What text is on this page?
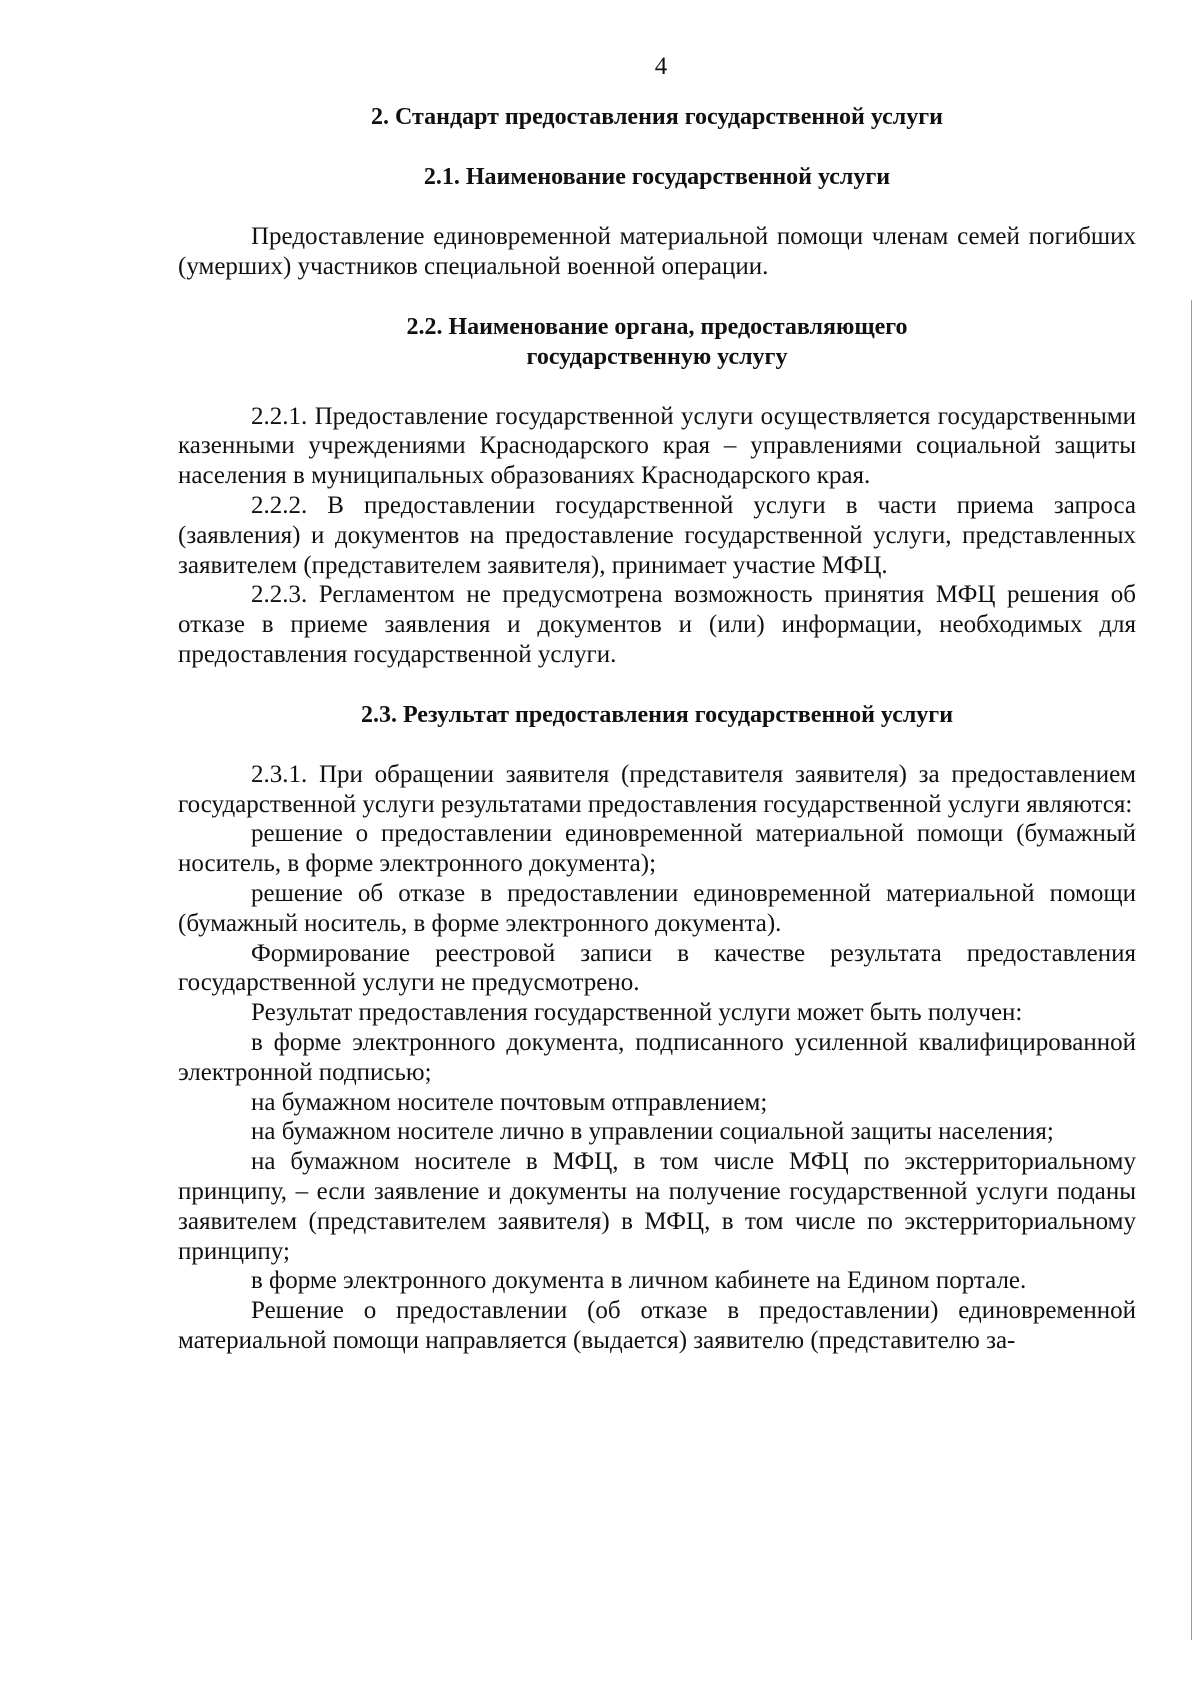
4
2. Стандарт предоставления государственной услуги
2.1. Наименование государственной услуги

Предоставление единовременной материальной помощи членам семей погибших (умерших) участников специальной военной операции.

2.2. Наименование органа, предоставляющего
государственную услугу

2.2.1. Предоставление государственной услуги осуществляется государственными казенными учреждениями Краснодарского края – управлениями социальной защиты населения в муниципальных образованиях Краснодарского края.

2.2.2. В предоставлении государственной услуги в части приема запроса (заявления) и документов на предоставление государственной услуги, представленных заявителем (представителем заявителя), принимает участие МФЦ.

2.2.3. Регламентом не предусмотрена возможность принятия МФЦ решения об отказе в приеме заявления и документов и (или) информации, необходимых для предоставления государственной услуги.

2.3. Результат предоставления государственной услуги

2.3.1. При обращении заявителя (представителя заявителя) за предоставлением государственной услуги результатами предоставления государственной услуги являются:

решение о предоставлении единовременной материальной помощи (бумажный носитель, в форме электронного документа);

решение об отказе в предоставлении единовременной материальной помощи (бумажный носитель, в форме электронного документа).

Формирование реестровой записи в качестве результата предоставления государственной услуги не предусмотрено.

Результат предоставления государственной услуги может быть получен:

в форме электронного документа, подписанного усиленной квалифицированной электронной подписью;

на бумажном носителе почтовым отправлением;

на бумажном носителе лично в управлении социальной защиты населения;

на бумажном носителе в МФЦ, в том числе МФЦ по экстерриториальному принципу, – если заявление и документы на получение государственной услуги поданы заявителем (представителем заявителя) в МФЦ, в том числе по экстерриториальному принципу;

в форме электронного документа в личном кабинете на Едином портале.

Решение о предоставлении (об отказе в предоставлении) единовременной материальной помощи направляется (выдается) заявителю (представителю за-
